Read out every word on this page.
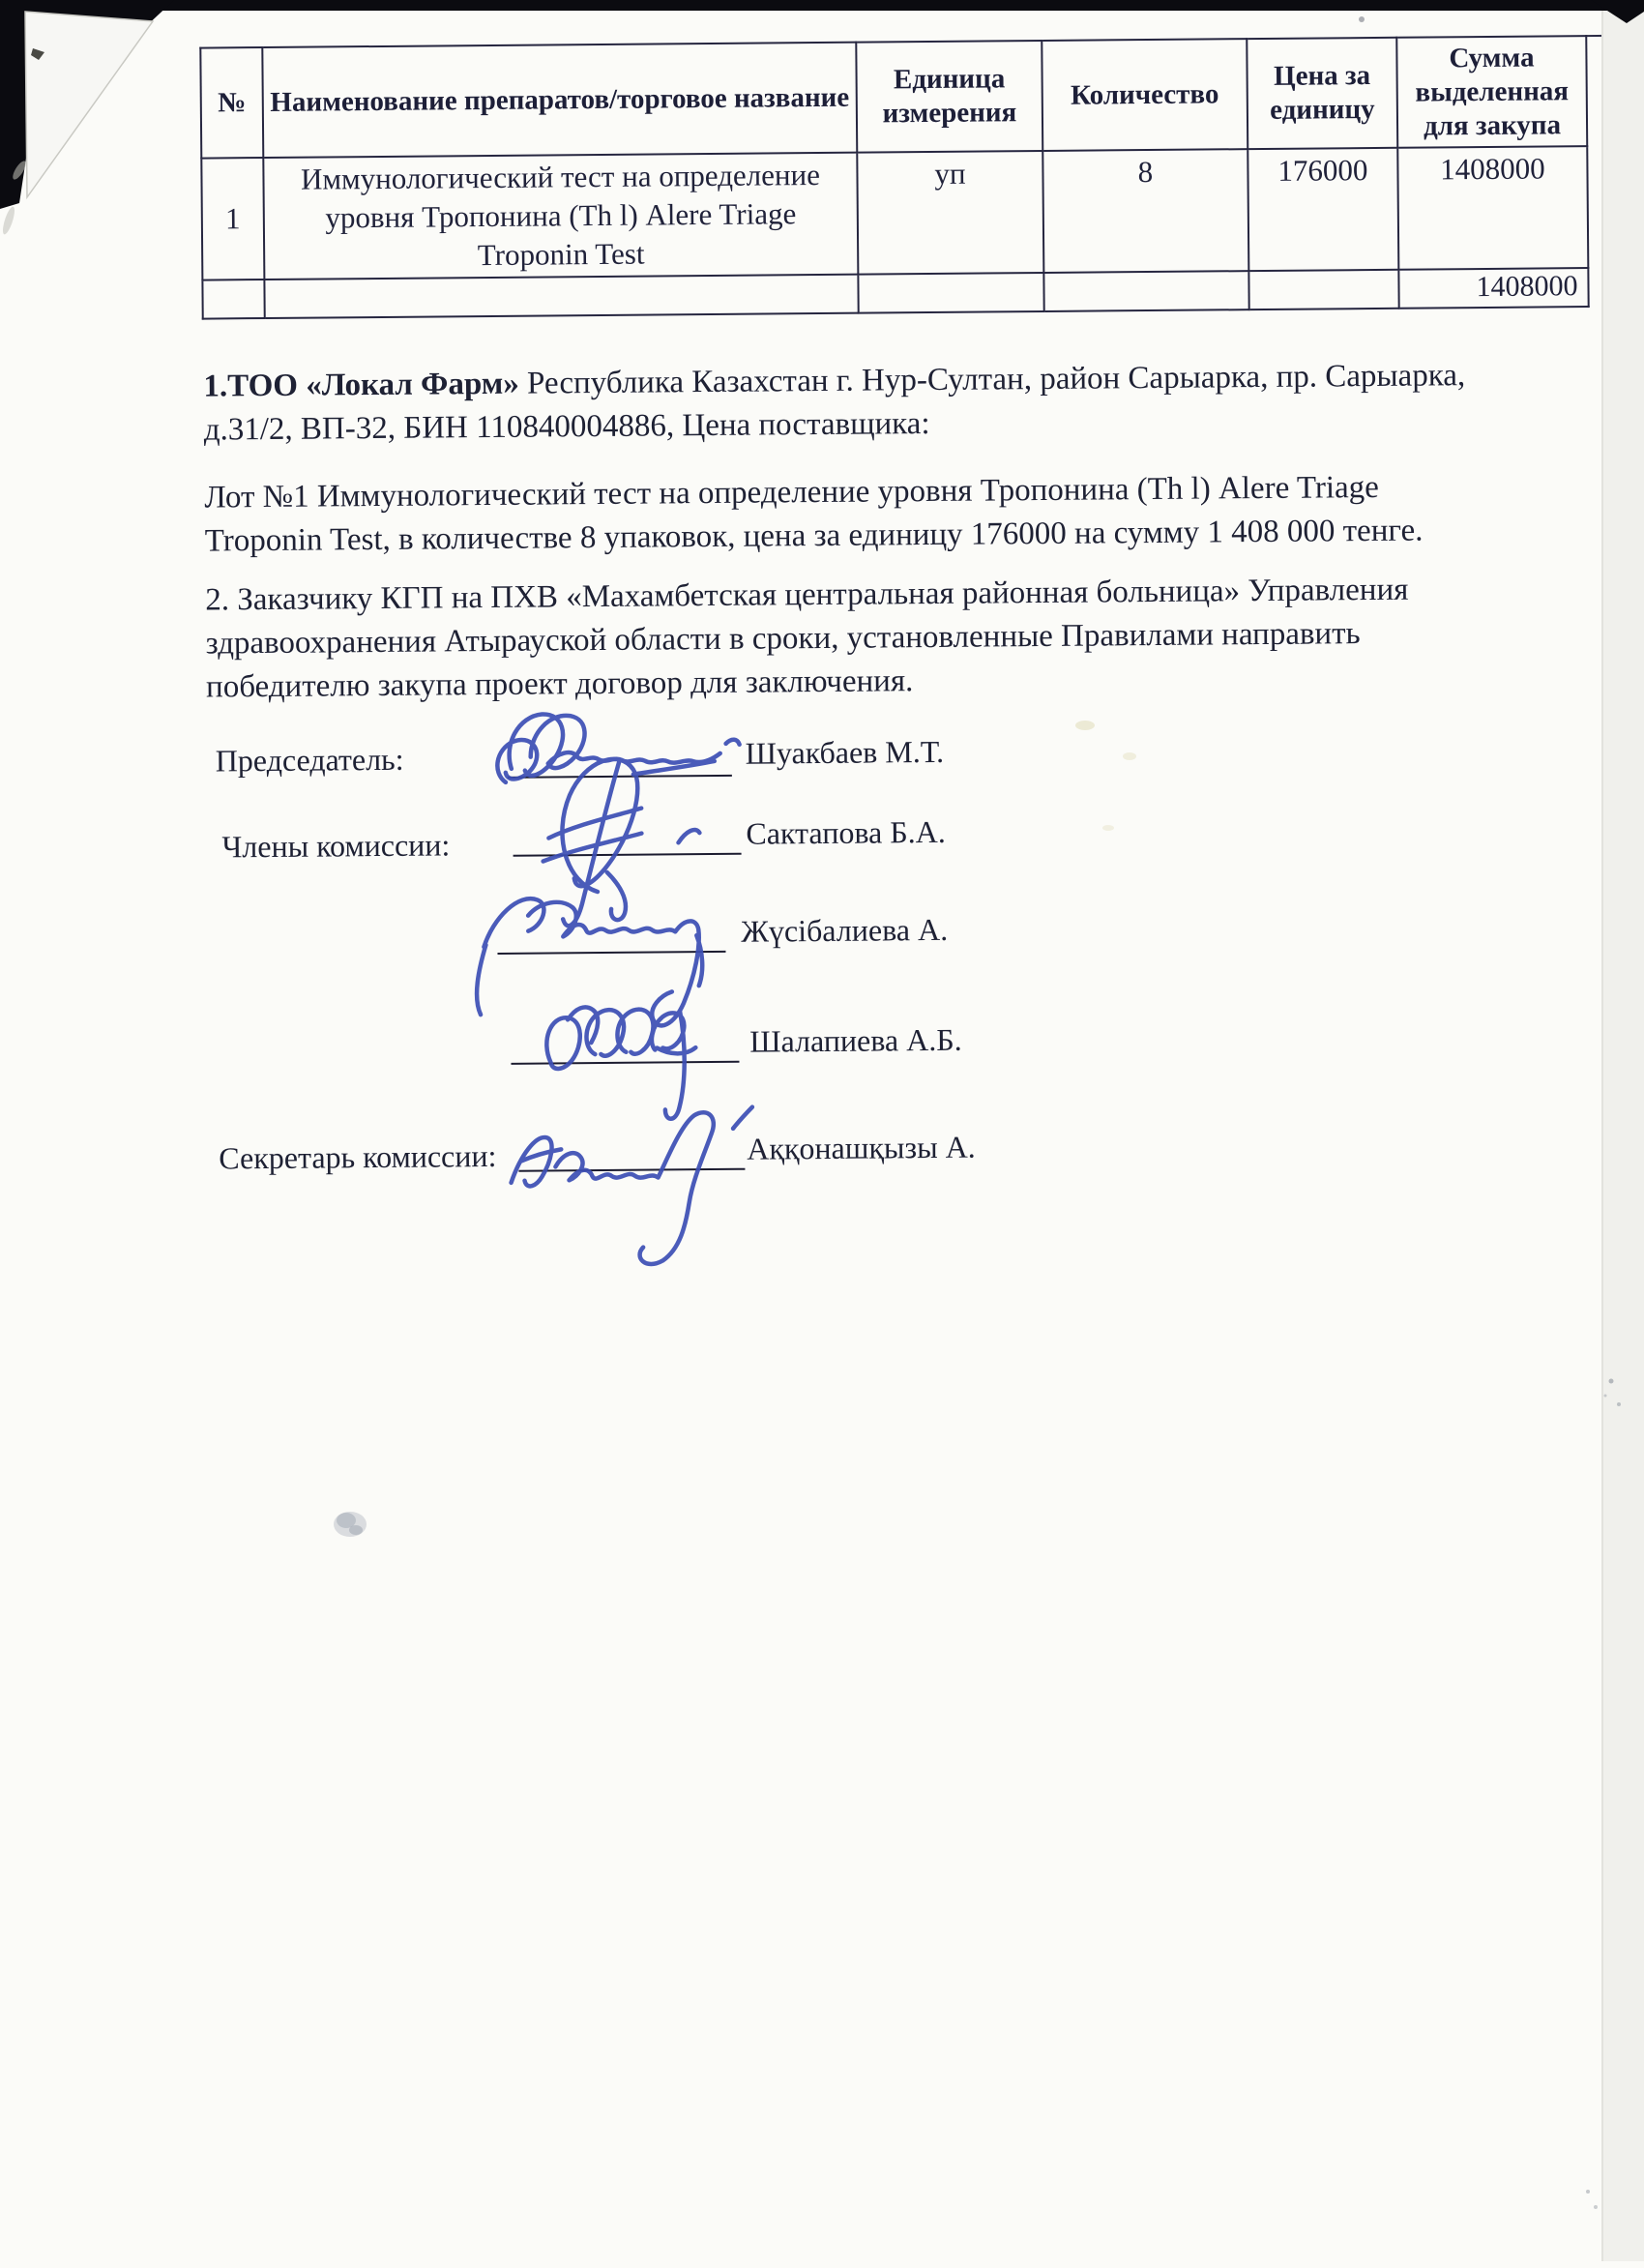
№	Наименование препаратов/торговое название	Единица измерения	Количество	Цена за единицу	Сумма выделенная для закупа
1	Иммунологический тест на определение уровня Тропонина (Th l) Alere Triage Troponin Test	уп	8	176000	1408000
					1408000
1.ТОО «Локал Фарм» Республика Казахстан г. Нур-Султан, район Сарыарка, пр. Сарыарка,
д.31/2, ВП-32, БИН 110840004886, Цена поставщика:
Лот №1 Иммунологический тест на определение уровня Тропонина (Th l) Alere Triage
Troponin Test, в количестве 8 упаковок, цена за единицу 176000 на сумму 1 408 000 тенге.
2. Заказчику КГП на ПХВ «Махамбетская центральная районная больница» Управления
здравоохранения Атырауской области в сроки, установленные Правилами направить
победителю закупа проект договор для заключения.
Председатель:	Шуакбаев М.Т.
Члены комиссии:	Сактапова Б.А.
Жүсібалиева А.
Шалапиева А.Б.
Секретарь комиссии:	Аққонашқызы А.
